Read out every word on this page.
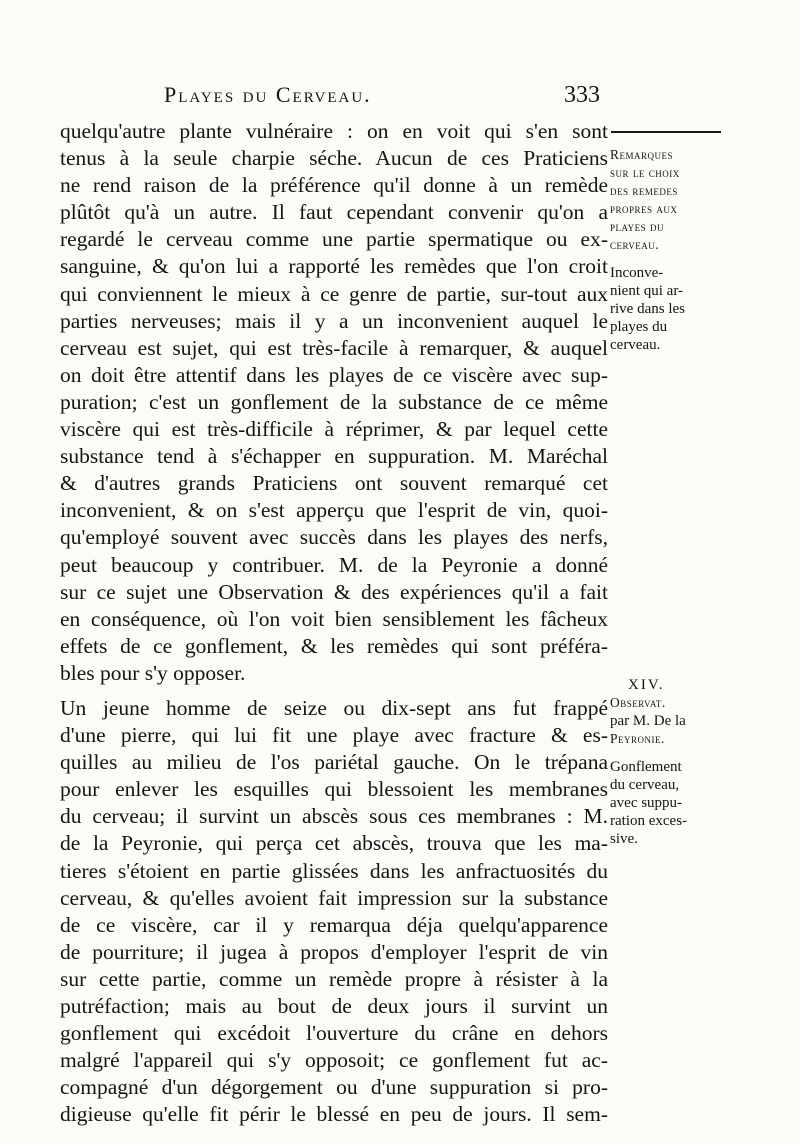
Playes du Cerveau.	333
quelqu'autre plante vulnéraire : on en voit qui s'en sont
tenus à la seule charpie séche. Aucun de ces Praticiens
ne rend raison de la préférence qu'il donne à un remède
plûtôt qu'à un autre. Il faut cependant convenir qu'on a
regardé le cerveau comme une partie spermatique ou ex-
sanguine, & qu'on lui a rapporté les remèdes que l'on croit
qui conviennent le mieux à ce genre de partie, sur-tout aux
parties nerveuses; mais il y a un inconvenient auquel le
cerveau est sujet, qui est très-facile à remarquer, & auquel
on doit être attentif dans les playes de ce viscère avec sup-
puration; c'est un gonflement de la substance de ce même
viscère qui est très-difficile à réprimer, & par lequel cette
substance tend à s'échapper en suppuration. M. Maréchal
& d'autres grands Praticiens ont souvent remarqué cet
inconvenient, & on s'est apperçu que l'esprit de vin, quoi-
qu'employé souvent avec succès dans les playes des nerfs,
peut beaucoup y contribuer. M. de la Peyronie a donné
sur ce sujet une Observation & des expériences qu'il a fait
en conséquence, où l'on voit bien sensiblement les fâcheux
effets de ce gonflement, & les remèdes qui sont préféra-
bles pour s'y opposer.
Un jeune homme de seize ou dix-sept ans fut frappé
d'une pierre, qui lui fit une playe avec fracture & es-
quilles au milieu de l'os pariétal gauche. On le trépana
pour enlever les esquilles qui blessoient les membranes
du cerveau; il survint un abscès sous ces membranes : M.
de la Peyronie, qui perça cet abscès, trouva que les ma-
tieres s'étoient en partie glissées dans les anfractuosités du
cerveau, & qu'elles avoient fait impression sur la substance
de ce viscère, car il y remarqua déja quelqu'apparence
de pourriture; il jugea à propos d'employer l'esprit de vin
sur cette partie, comme un remède propre à résister à la
putréfaction; mais au bout de deux jours il survint un
gonflement qui excédoit l'ouverture du crâne en dehors
malgré l'appareil qui s'y opposoit; ce gonflement fut ac-
compagné d'un dégorgement ou d'une suppuration si pro-
digieuse qu'elle fit périr le blessé en peu de jours. Il sem-
Remarques
sur le choix
des remedes
propres aux
playes du
cerveau.
Inconve-
nient qui ar-
rive dans les
playes du
cerveau.
XIV.
Observat.
par M. De la
Peyronie.
Gonflement
du cerveau,
avec suppu-
ration exces-
sive.
